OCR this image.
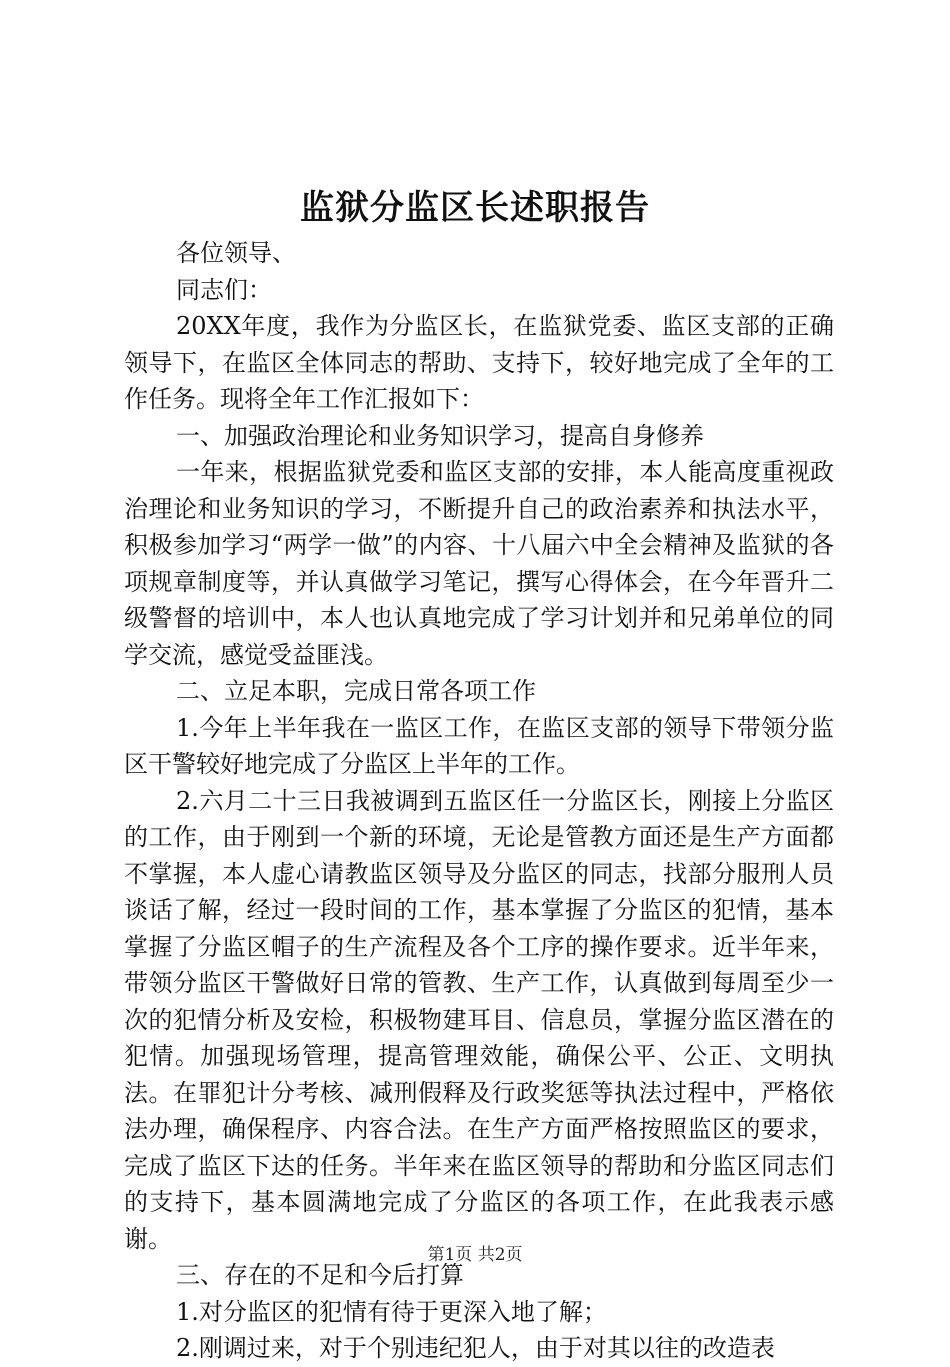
监狱分监区长述职报告

各位领导、

同志们：

20XX年度，我作为分监区长，在监狱党委、监区支部的正确领导下，在监区全体同志的帮助、支持下，较好地完成了全年的工作任务。现将全年工作汇报如下：

一、加强政治理论和业务知识学习，提高自身修养

一年来，根据监狱党委和监区支部的安排，本人能高度重视政治理论和业务知识的学习，不断提升自己的政治素养和执法水平，积极参加学习“两学一做”的内容、十八届六中全会精神及监狱的各项规章制度等，并认真做学习笔记，撰写心得体会，在今年晋升二级警督的培训中，本人也认真地完成了学习计划并和兄弟单位的同学交流，感觉受益匪浅。

二、立足本职，完成日常各项工作

1.今年上半年我在一监区工作，在监区支部的领导下带领分监区干警较好地完成了分监区上半年的工作。

2.六月二十三日我被调到五监区任一分监区长，刚接上分监区的工作，由于刚到一个新的环境，无论是管教方面还是生产方面都不掌握，本人虚心请教监区领导及分监区的同志，找部分服刑人员谈话了解，经过一段时间的工作，基本掌握了分监区的犯情，基本掌握了分监区帽子的生产流程及各个工序的操作要求。近半年来，带领分监区干警做好日常的管教、生产工作，认真做到每周至少一次的犯情分析及安检，积极物建耳目、信息员，掌握分监区潜在的犯情。加强现场管理，提高管理效能，确保公平、公正、文明执法。在罪犯计分考核、减刑假释及行政奖惩等执法过程中，严格依法办理，确保程序、内容合法。在生产方面严格按照监区的要求，完成了监区下达的任务。半年来在监区领导的帮助和分监区同志们的支持下，基本圆满地完成了分监区的各项工作，在此我表示感谢。

三、存在的不足和今后打算

1.对分监区的犯情有待于更深入地了解；

2.刚调过来，对于个别违纪犯人，由于对其以往的改造表

第1页 共2页
